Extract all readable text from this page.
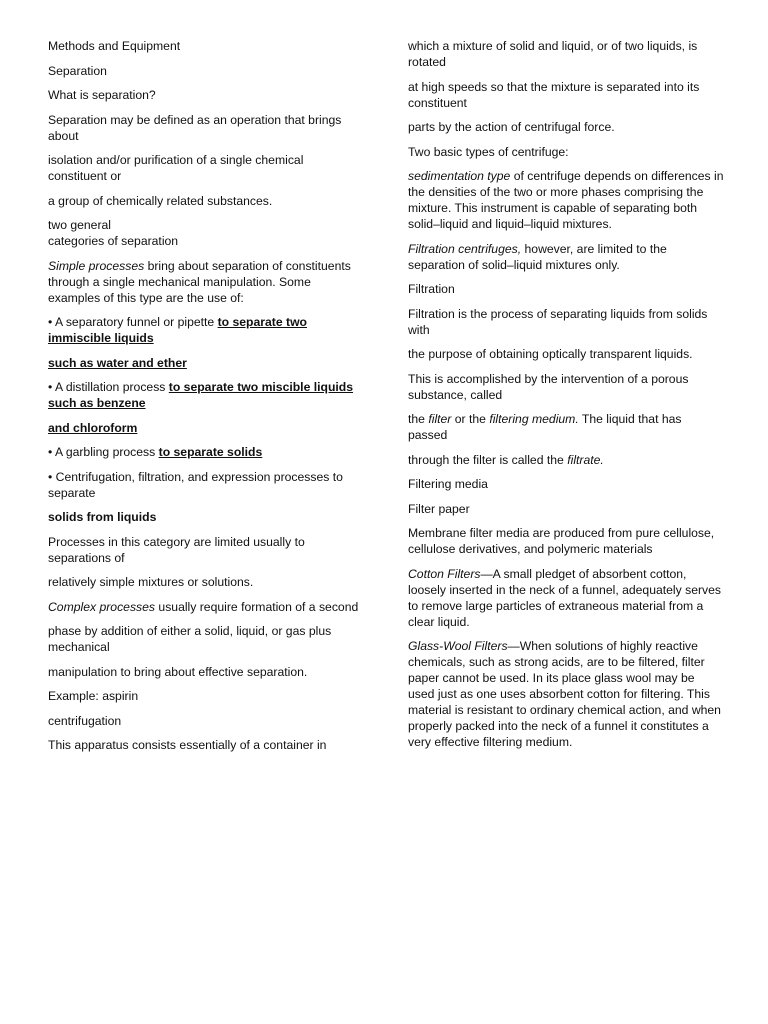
Methods and Equipment

Separation

What is separation?

Separation may be defined as an operation that brings about

isolation and/or purification of a single chemical constituent or

a group of chemically related substances.

two general
categories of separation

Simple processes bring about separation of constituents through a single mechanical manipulation. Some examples of this type are the use of:

• A separatory funnel or pipette to separate two immiscible liquids

such as water and ether

• A distillation process to separate two miscible liquids such as benzene

and chloroform

• A garbling process to separate solids

• Centrifugation, filtration, and expression processes to separate

solids from liquids

Processes in this category are limited usually to separations of

relatively simple mixtures or solutions.

Complex processes usually require formation of a second

phase by addition of either a solid, liquid, or gas plus mechanical

manipulation to bring about effective separation.

Example: aspirin

centrifugation

This apparatus consists essentially of a container in

which a mixture of solid and liquid, or of two liquids, is rotated

at high speeds so that the mixture is separated into its constituent

parts by the action of centrifugal force.

Two basic types of centrifuge:

sedimentation type of centrifuge depends on differences in the densities of the two or more phases comprising the mixture. This instrument is capable of separating both solid–liquid and liquid–liquid mixtures.

Filtration centrifuges, however, are limited to the separation of solid–liquid mixtures only.

Filtration

Filtration is the process of separating liquids from solids with

the purpose of obtaining optically transparent liquids.

This is accomplished by the intervention of a porous substance, called

the filter or the filtering medium. The liquid that has passed

through the filter is called the filtrate.

Filtering media

Filter paper

Membrane filter media are produced from pure cellulose, cellulose derivatives, and polymeric materials

Cotton Filters—A small pledget of absorbent cotton, loosely inserted in the neck of a funnel, adequately serves to remove large particles of extraneous material from a clear liquid.

Glass-Wool Filters—When solutions of highly reactive chemicals, such as strong acids, are to be filtered, filter paper cannot be used. In its place glass wool may be used just as one uses absorbent cotton for filtering. This material is resistant to ordinary chemical action, and when properly packed into the neck of a funnel it constitutes a very effective filtering medium.
